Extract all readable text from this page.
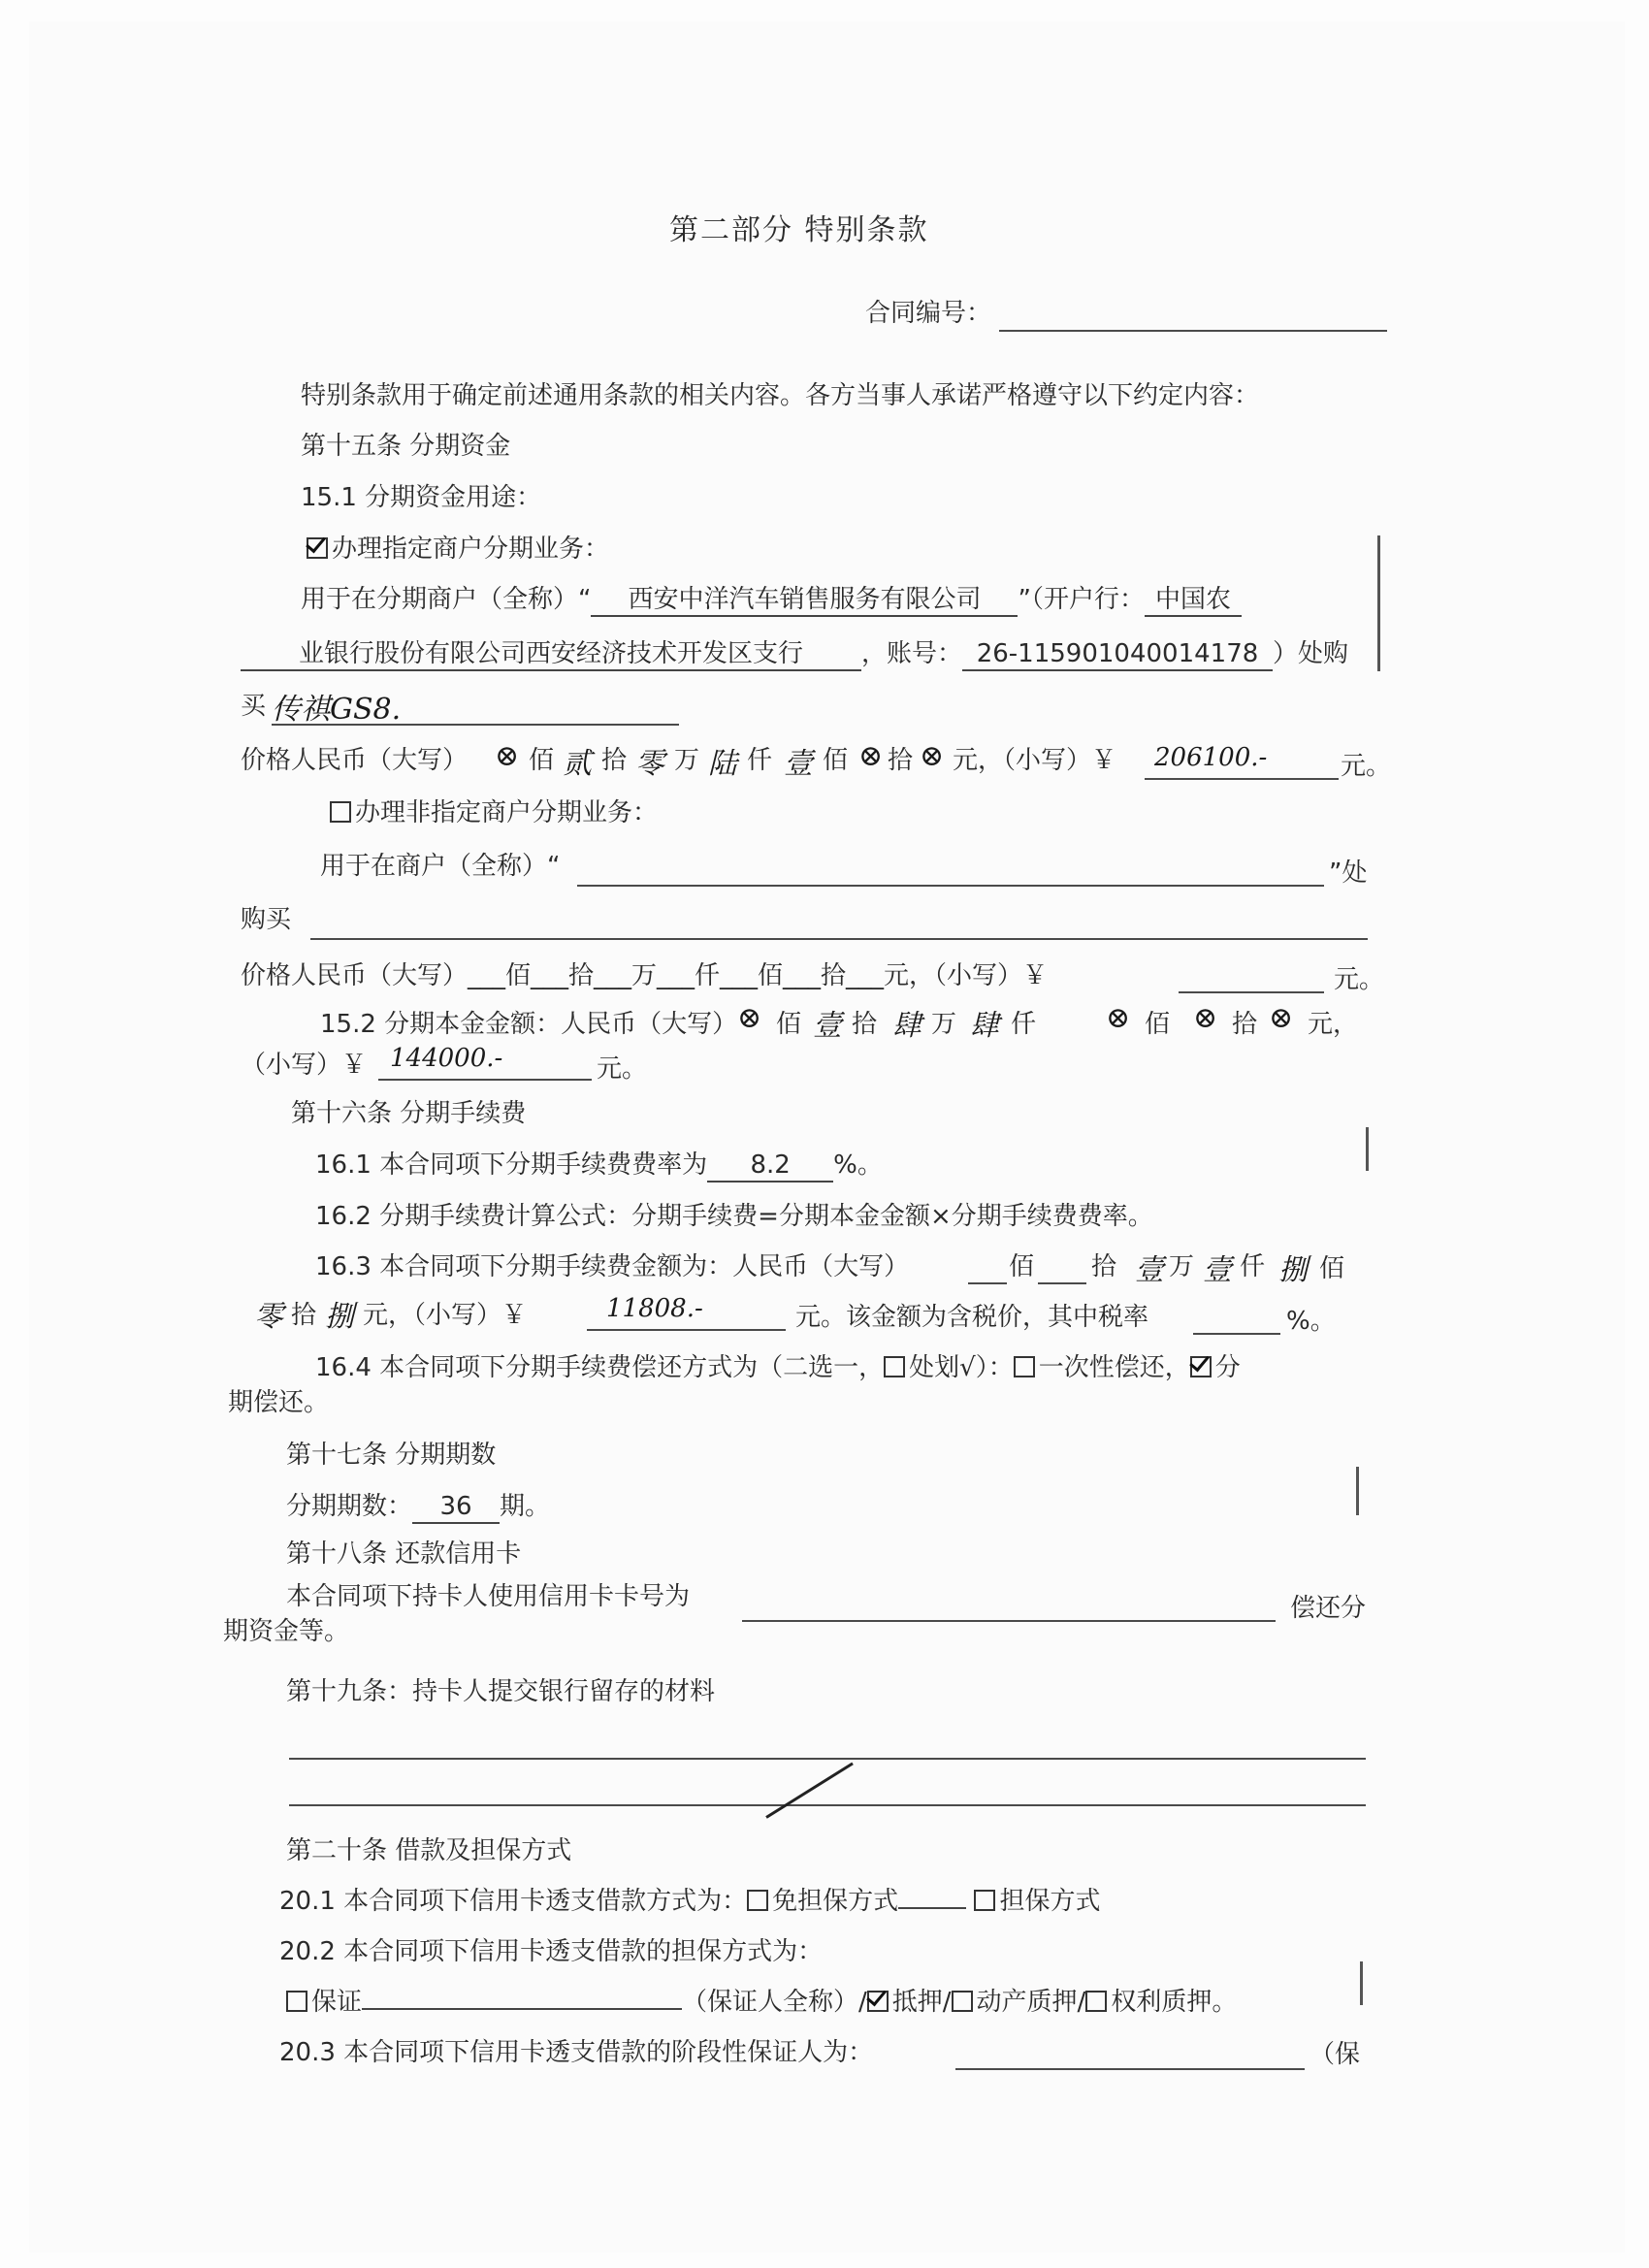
第二部分 特别条款
合同编号：
特别条款用于确定前述通用条款的相关内容。各方当事人承诺严格遵守以下约定内容：
第十五条 分期资金
15.1 分期资金用途：
办理指定商户分期业务：
用于在分期商户（全称）“ 西安中洋汽车销售服务有限公司 ”（开户行： 中国农
业银行股份有限公司西安经济技术开发区支行 ，账号： 26-115901040014178 ）处购
买 传祺GS8.
价格人民币（大写） ⊗ 佰 贰 拾 零 万 陆 仟 壹 佰 ⊗ 拾 ⊗ 元，（小写）￥ 206100.-	元。
办理非指定商户分期业务：
用于在商户（全称）“	”处
购买
价格人民币（大写）___佰___拾___万___仟___佰___拾___元，（小写）￥	元。
15.2 分期本金金额：人民币（大写） ⊗ 佰 壹 拾 肆 万 肆 仟 ⊗ 佰 ⊗ 拾 ⊗ 元，
（小写）￥ 144000.-	元。
第十六条 分期手续费
16.1 本合同项下分期手续费费率为 8.2 %。
16.2 分期手续费计算公式：分期手续费=分期本金金额×分期手续费费率。
16.3 本合同项下分期手续费金额为：人民币（大写）	佰 拾 壹 万 壹 仟 捌 佰
零 拾 捌 元，（小写）￥	11808.-	元。该金额为含税价，其中税率	%。
16.4 本合同项下分期手续费偿还方式为（二选一， 处划√）： 一次性偿还， 分
期偿还。
第十七条 分期期数
分期期数： 36 期。
第十八条 还款信用卡
本合同项下持卡人使用信用卡卡号为	偿还分
期资金等。
第十九条：持卡人提交银行留存的材料
第二十条 借款及担保方式
20.1 本合同项下信用卡透支借款方式为： 免担保方式	担保方式
20.2 本合同项下信用卡透支借款的担保方式为：
保证	（保证人全称）/ 抵押/ 动产质押/ 权利质押。
20.3 本合同项下信用卡透支借款的阶段性保证人为：	（保
